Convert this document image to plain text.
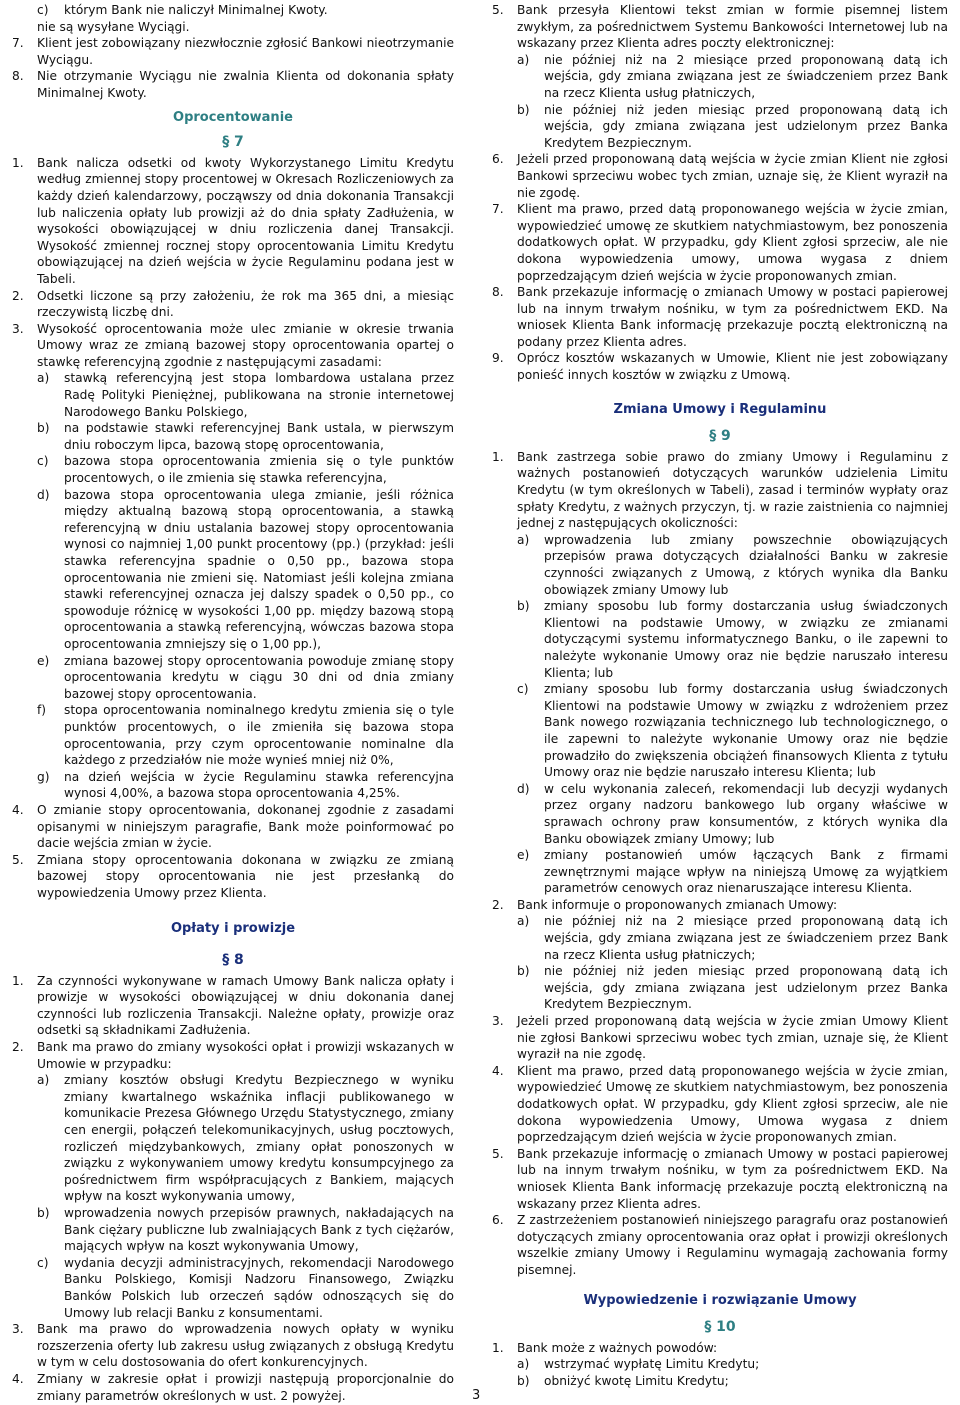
c) którym Bank nie naliczył Minimalnej Kwoty.
nie są wysyłane Wyciągi.
7. Klient jest zobowiązany niezwłocznie zgłosić Bankowi nieotrzymanie Wyciągu.
8. Nie otrzymanie Wyciągu nie zwalnia Klienta od dokonania spłaty Minimalnej Kwoty.
Oprocentowanie
§ 7
1. Bank nalicza odsetki od kwoty Wykorzystanego Limitu Kredytu według zmiennej stopy procentowej w Okresach Rozliczeniowych za każdy dzień kalendarzowy, począwszy od dnia dokonania Transakcji lub naliczenia opłaty lub prowizji aż do dnia spłaty Zadłużenia, w wysokości obowiązującej w dniu rozliczenia danej Transakcji. Wysokość zmiennej rocznej stopy oprocentowania Limitu Kredytu obowiązującej na dzień wejścia w życie Regulaminu podana jest w Tabeli.
2. Odsetki liczone są przy założeniu, że rok ma 365 dni, a miesiąc rzeczywistą liczbę dni.
3. Wysokość oprocentowania może ulec zmianie w okresie trwania Umowy wraz ze zmianą bazowej stopy oprocentowania opartej o stawkę referencyjną zgodnie z następującymi zasadami:
a) stawką referencyjną jest stopa lombardowa ustalana przez Radę Polityki Pieniężnej, publikowana na stronie internetowej Narodowego Banku Polskiego,
b) na podstawie stawki referencyjnej Bank ustala, w pierwszym dniu roboczym lipca, bazową stopę oprocentowania,
c) bazowa stopa oprocentowania zmienia się o tyle punktów procentowych, o ile zmienia się stawka referencyjna,
d) bazowa stopa oprocentowania ulega zmianie, jeśli różnica między aktualną bazową stopą oprocentowania, a stawką referencyjną w dniu ustalania bazowej stopy oprocentowania wynosi co najmniej 1,00 punkt procentowy (pp.) (przykład: jeśli stawka referencyjna spadnie o 0,50 pp., bazowa stopa oprocentowania nie zmieni się. Natomiast jeśli kolejna zmiana stawki referencyjnej oznacza jej dalszy spadek o 0,50 pp., co spowoduje różnicę w wysokości 1,00 pp. między bazową stopą oprocentowania a stawką referencyjną, wówczas bazowa stopa oprocentowania zmniejszy się o 1,00 pp.),
e) zmiana bazowej stopy oprocentowania powoduje zmianę stopy oprocentowania kredytu w ciągu 30 dni od dnia zmiany bazowej stopy oprocentowania.
f) stopa oprocentowania nominalnego kredytu zmienia się o tyle punktów procentowych, o ile zmieniła się bazowa stopa oprocentowania, przy czym oprocentowanie nominalne dla każdego z przedziałów nie może wynieś mniej niż 0%,
g) na dzień wejścia w życie Regulaminu stawka referencyjna wynosi 4,00%, a bazowa stopa oprocentowania 4,25%.
4. O zmianie stopy oprocentowania, dokonanej zgodnie z zasadami opisanymi w niniejszym paragrafie, Bank może poinformować po dacie wejścia zmian w życie.
5. Zmiana stopy oprocentowania dokonana w związku ze zmianą bazowej stopy oprocentowania nie jest przesłanką do wypowiedzenia Umowy przez Klienta.
Opłaty i prowizje
§ 8
1. Za czynności wykonywane w ramach Umowy Bank nalicza opłaty i prowizje w wysokości obowiązującej w dniu dokonania danej czynności lub rozliczenia Transakcji. Należne opłaty, prowizje oraz odsetki są składnikami Zadłużenia.
2. Bank ma prawo do zmiany wysokości opłat i prowizji wskazanych w Umowie w przypadku:
a) zmiany kosztów obsługi Kredytu Bezpiecznego w wyniku zmiany kwartalnego wskaźnika inflacji publikowanego w komunikacie Prezesa Głównego Urzędu Statystycznego, zmiany cen energii, połączeń telekomunikacyjnych, usług pocztowych, rozliczeń międzybankowych, zmiany opłat ponoszonych w związku z wykonywaniem umowy kredytu konsumpcyjnego za pośrednictwem firm współpracujących z Bankiem, mających wpływ na koszt wykonywania umowy,
b) wprowadzenia nowych przepisów prawnych, nakładających na Bank ciężary publiczne lub zwalniających Bank z tych ciężarów, mających wpływ na koszt wykonywania Umowy,
c) wydania decyzji administracyjnych, rekomendacji Narodowego Banku Polskiego, Komisji Nadzoru Finansowego, Związku Banków Polskich lub orzeczeń sądów odnoszących się do Umowy lub relacji Banku z konsumentami.
3. Bank ma prawo do wprowadzenia nowych opłaty w wyniku rozszerzenia oferty lub zakresu usług związanych z obsługą Kredytu w tym w celu dostosowania do ofert konkurencyjnych.
4. Zmiany w zakresie opłat i prowizji następują proporcjonalnie do zmiany parametrów określonych w ust. 2 powyżej.
5. Bank przesyła Klientowi tekst zmian w formie pisemnej listem zwykłym, za pośrednictwem Systemu Bankowości Internetowej lub na wskazany przez Klienta adres poczty elektronicznej:
a) nie później niż na 2 miesiące przed proponowaną datą ich wejścia, gdy zmiana związana jest ze świadczeniem przez Bank na rzecz Klienta usług płatniczych,
b) nie później niż jeden miesiąc przed proponowaną datą ich wejścia, gdy zmiana związana jest udzielonym przez Banka Kredytem Bezpiecznym.
6. Jeżeli przed proponowaną datą wejścia w życie zmian Klient nie zgłosi Bankowi sprzeciwu wobec tych zmian, uznaje się, że Klient wyraził na nie zgodę.
7. Klient ma prawo, przed datą proponowanego wejścia w życie zmian, wypowiedzieć umowę ze skutkiem natychmiastowym, bez ponoszenia dodatkowych opłat. W przypadku, gdy Klient zgłosi sprzeciw, ale nie dokona wypowiedzenia umowy, umowa wygasa z dniem poprzedzającym dzień wejścia w życie proponowanych zmian.
8. Bank przekazuje informację o zmianach Umowy w postaci papierowej lub na innym trwałym nośniku, w tym za pośrednictwem EKD. Na wniosek Klienta Bank informację przekazuje pocztą elektroniczną na podany przez Klienta adres.
9. Oprócz kosztów wskazanych w Umowie, Klient nie jest zobowiązany ponieść innych kosztów w związku z Umową.
Zmiana Umowy i Regulaminu
§ 9
1. Bank zastrzega sobie prawo do zmiany Umowy i Regulaminu z ważnych postanowień dotyczących warunków udzielenia Limitu Kredytu (w tym określonych w Tabeli), zasad i terminów wypłaty oraz spłaty Kredytu, z ważnych przyczyn, tj. w razie zaistnienia co najmniej jednej z następujących okoliczności:
a) wprowadzenia lub zmiany powszechnie obowiązujących przepisów prawa dotyczących działalności Banku w zakresie czynności związanych z Umową, z których wynika dla Banku obowiązek zmiany Umowy lub
b) zmiany sposobu lub formy dostarczania usług świadczonych Klientowi na podstawie Umowy, w związku ze zmianami dotyczącymi systemu informatycznego Banku, o ile zapewni to należyte wykonanie Umowy oraz nie będzie naruszało interesu Klienta; lub
c) zmiany sposobu lub formy dostarczania usług świadczonych Klientowi na podstawie Umowy w związku z wdrożeniem przez Bank nowego rozwiązania technicznego lub technologicznego, o ile zapewni to należyte wykonanie Umowy oraz nie będzie prowadziło do zwiększenia obciążeń finansowych Klienta z tytułu Umowy oraz nie będzie naruszało interesu Klienta; lub
d) w celu wykonania zaleceń, rekomendacji lub decyzji wydanych przez organy nadzoru bankowego lub organy właściwe w sprawach ochrony praw konsumentów, z których wynika dla Banku obowiązek zmiany Umowy; lub
e) zmiany postanowień umów łączących Bank z firmami zewnętrznymi mające wpływ na niniejszą Umowę za wyjątkiem parametrów cenowych oraz nienaruszające interesu Klienta.
2. Bank informuje o proponowanych zmianach Umowy:
a) nie później niż na 2 miesiące przed proponowaną datą ich wejścia, gdy zmiana związana jest ze świadczeniem przez Bank na rzecz Klienta usług płatniczych;
b) nie później niż jeden miesiąc przed proponowaną datą ich wejścia, gdy zmiana związana jest udzielonym przez Banka Kredytem Bezpiecznym.
3. Jeżeli przed proponowaną datą wejścia w życie zmian Umowy Klient nie zgłosi Bankowi sprzeciwu wobec tych zmian, uznaje się, że Klient wyraził na nie zgodę.
4. Klient ma prawo, przed datą proponowanego wejścia w życie zmian, wypowiedzieć Umowę ze skutkiem natychmiastowym, bez ponoszenia dodatkowych opłat. W przypadku, gdy Klient zgłosi sprzeciw, ale nie dokona wypowiedzenia Umowy, Umowa wygasa z dniem poprzedzającym dzień wejścia w życie proponowanych zmian.
5. Bank przekazuje informację o zmianach Umowy w postaci papierowej lub na innym trwałym nośniku, w tym za pośrednictwem EKD. Na wniosek Klienta Bank informację przekazuje pocztą elektroniczną na wskazany przez Klienta adres.
6. Z zastrzeżeniem postanowień niniejszego paragrafu oraz postanowień dotyczących zmiany oprocentowania oraz opłat i prowizji określonych wszelkie zmiany Umowy i Regulaminu wymagają zachowania formy pisemnej.
Wypowiedzenie i rozwiązanie Umowy
§ 10
1. Bank może z ważnych powodów:
a) wstrzymać wypłatę Limitu Kredytu;
b) obniżyć kwotę Limitu Kredytu;
3
